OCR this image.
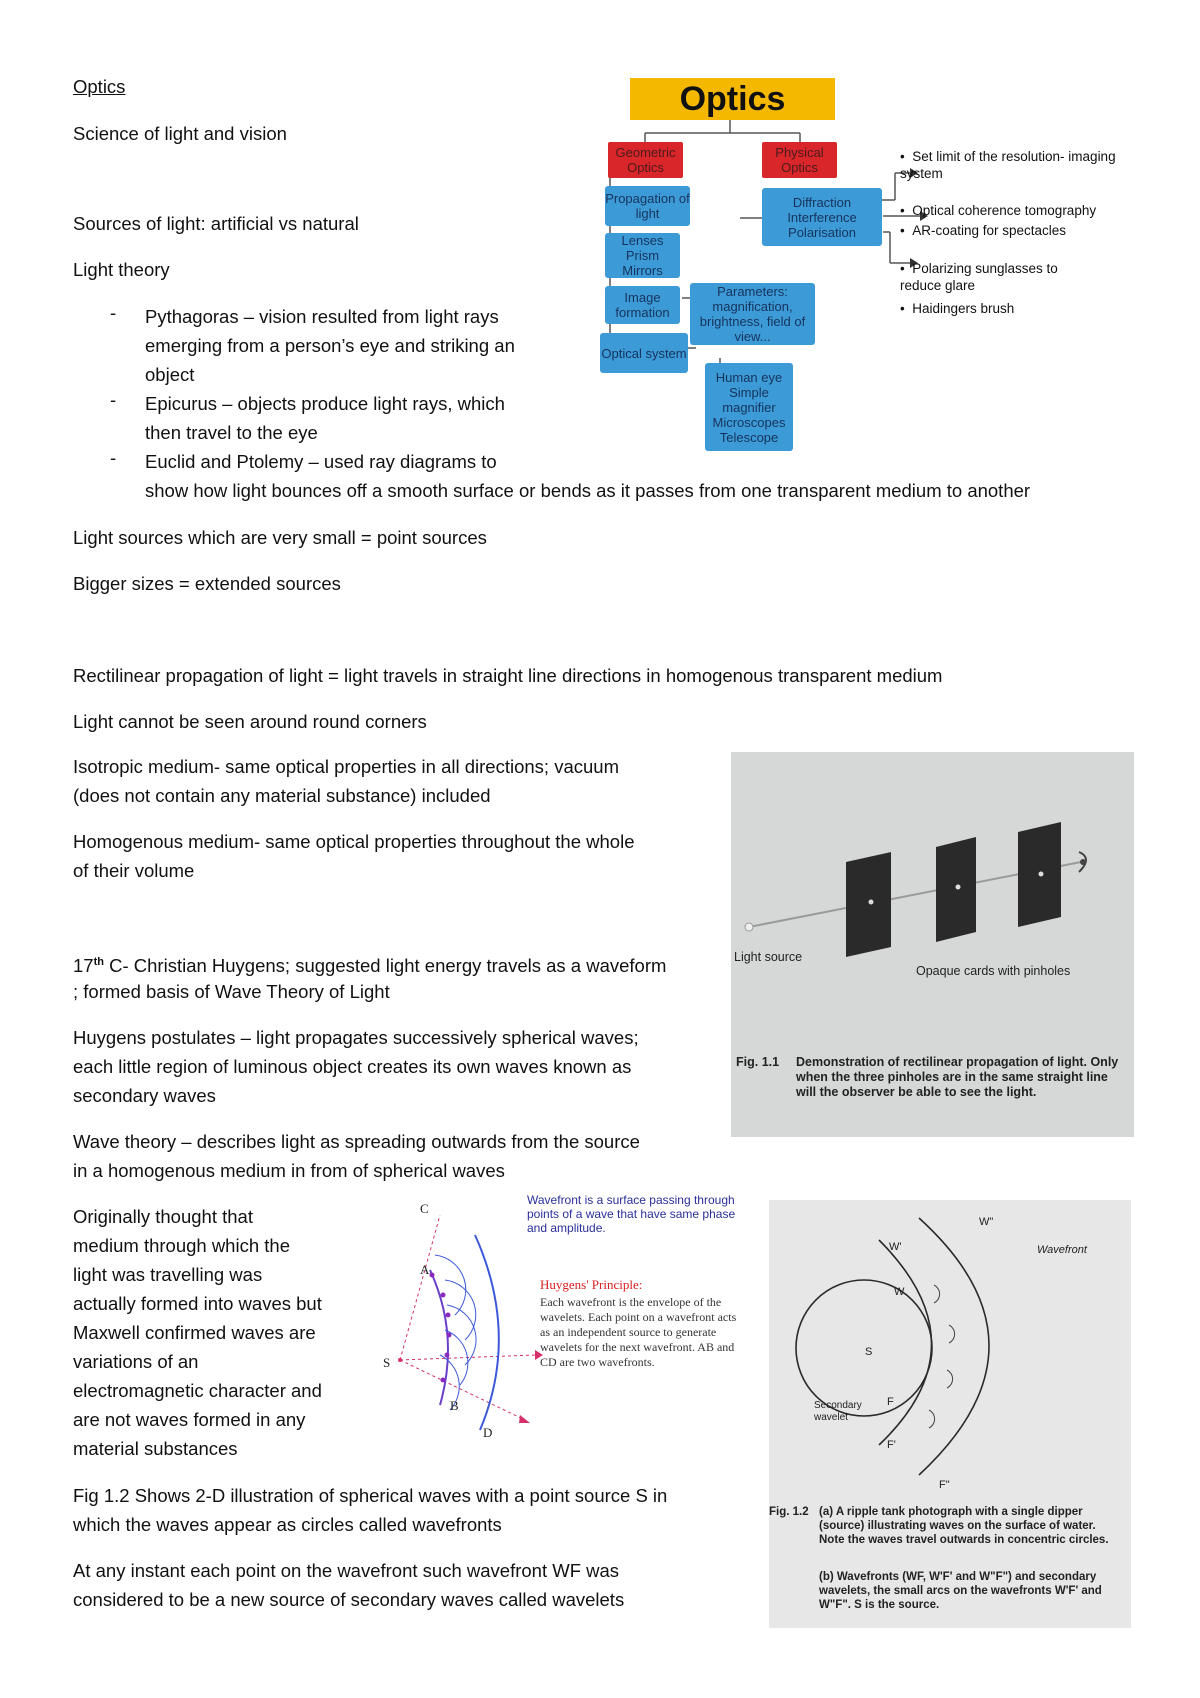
Optics
Science of light and vision
Sources of light: artificial vs natural
Light theory
- Pythagoras – vision resulted from light rays
emerging from a person’s eye and striking an
object
- Epicurus – objects produce light rays, which
then travel to the eye
- Euclid and Ptolemy – used ray diagrams to
show how light bounces off a smooth surface or bends as it passes from one transparent medium to another
Light sources which are very small = point sources
Bigger sizes = extended sources
Rectilinear propagation of light = light travels in straight line directions in homogenous transparent medium
Light cannot be seen around round corners
Isotropic medium- same optical properties in all directions; vacuum
(does not contain any material substance) included
Homogenous medium- same optical properties throughout the whole
of their volume
17th C- Christian Huygens; suggested light energy travels as a waveform
; formed basis of Wave Theory of Light
Huygens postulates – light propagates successively spherical waves;
each little region of luminous object creates its own waves known as
secondary waves
Wave theory – describes light as spreading outwards from the source
in a homogenous medium in from of spherical waves
Originally thought that
medium through which the
light was travelling was
actually formed into waves but
Maxwell confirmed waves are
variations of an
electromagnetic character and
are not waves formed in any
material substances
Fig 1.2 Shows 2-D illustration of spherical waves with a point source S in
which the waves appear as circles called wavefronts
At any instant each point on the wavefront such wavefront WF was
considered to be a new source of secondary waves called wavelets
Optics
Geometric Optics
Physical Optics
Propagation of light
Lenses Prism Mirrors
Image formation
Parameters: magnification, brightness, field of view...
Optical system
Human eye Simple magnifier Microscopes Telescope
Diffraction Interference Polarisation
•  Set limit of the resolution- imaging system
•  Optical coherence tomography
•  AR-coating for spectacles
•  Polarizing sunglasses to reduce glare
•  Haidingers brush
Light source
Opaque cards with pinholes
Fig. 1.1 Demonstration of rectilinear propagation of light. Only when the three pinholes are in the same straight line will the observer be able to see the light.
C
A
S
B
D
Wavefront is a surface passing through points of a wave that have same phase and amplitude.
Huygens' Principle:
Each wavefront is the envelope of the wavelets. Each point on a wavefront acts as an independent source to generate wavelets for the next wavefront. AB and CD are two wavefronts.
W"
W'
W
S
F
F'
F"
Wavefront
Secondary wavelet
Fig. 1.2 (a) A ripple tank photograph with a single dipper (source) illustrating waves on the surface of water. Note the waves travel outwards in concentric circles.
(b) Wavefronts (WF, W'F' and W"F") and secondary wavelets, the small arcs on the wavefronts W'F' and W"F". S is the source.
